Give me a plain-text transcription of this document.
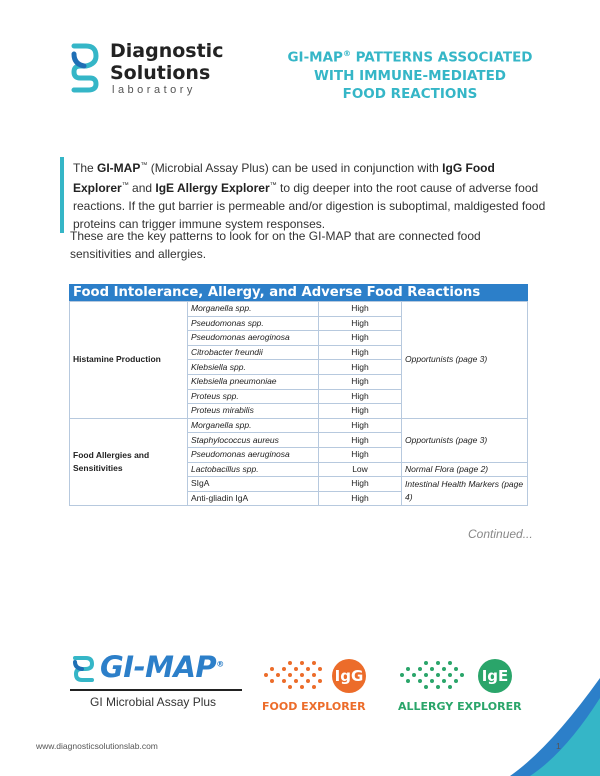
Diagnostic
Solutions
laboratory
GI-MAP® PATTERNS ASSOCIATED
WITH IMMUNE-MEDIATED
FOOD REACTIONS
The GI-MAP™ (Microbial Assay Plus) can be used in conjunction with IgG Food Explorer™ and IgE Allergy Explorer™ to dig deeper into the root cause of adverse food reactions. If the gut barrier is permeable and/or digestion is suboptimal, maldigested food proteins can trigger immune system responses.
These are the key patterns to look for on the GI-MAP that are connected food sensitivities and allergies.
Food Intolerance, Allergy, and Adverse Food Reactions Pattern
Histamine Production	Morganella spp.	High	Opportunists (page 3)
	Pseudomonas spp.	High	
	Pseudomonas aeroginosa	High	
	Citrobacter freundii	High	
	Klebsiella spp.	High	
	Klebsiella pneumoniae	High	
	Proteus spp.	High	
	Proteus mirabilis	High	
Food Allergies and Sensitivities	Morganella spp.	High	Opportunists (page 3)
	Staphylococcus aureus	High	
	Pseudomonas aeruginosa	High	
	Lactobacillus spp.	Low	Normal Flora (page 2)
	SIgA	High	Intestinal Health Markers (page 4)
	Anti-gliadin IgA	High	
Continued...
GI-MAP®
GI Microbial Assay Plus
IgG
FOOD EXPLORER
IgE
ALLERGY EXPLORER
www.diagnosticsolutionslab.com	1
